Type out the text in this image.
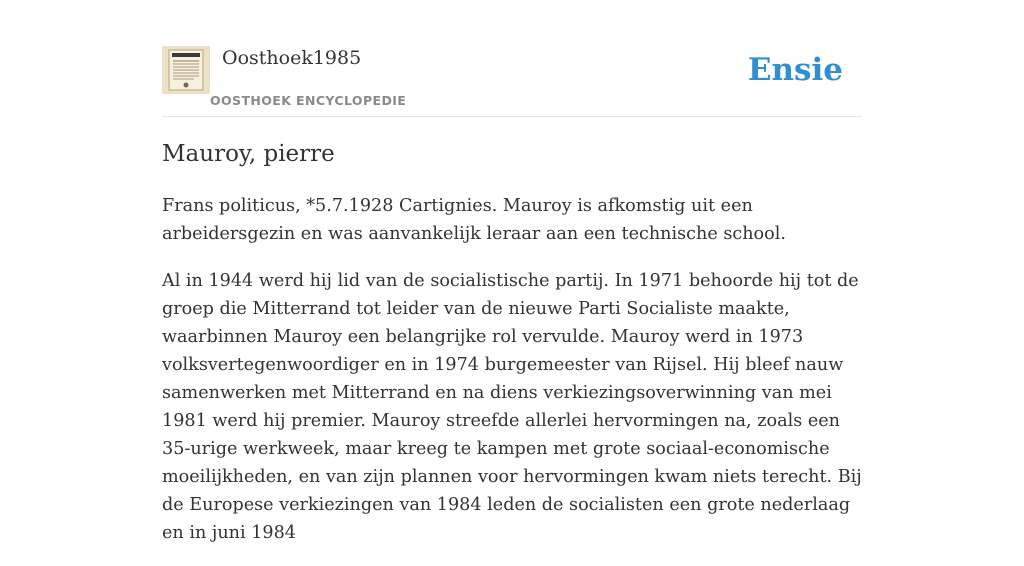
Oosthoek1985
OOSTHOEK ENCYCLOPEDIE
Ensie
Mauroy, pierre

Frans politicus, *5.7.1928 Cartignies. Mauroy is afkomstig uit een arbeidersgezin en was aanvankelijk leraar aan een technische school.

Al in 1944 werd hij lid van de socialistische partij. In 1971 behoorde hij tot de groep die Mitterrand tot leider van de nieuwe Parti Socialiste maakte, waarbinnen Mauroy een belangrijke rol vervulde. Mauroy werd in 1973 volksvertegenwoordiger en in 1974 burgemeester van Rijsel. Hij bleef nauw samenwerken met Mitterrand en na diens verkiezingsoverwinning van mei 1981 werd hij premier. Mauroy streefde allerlei hervormingen na, zoals een 35-urige werkweek, maar kreeg te kampen met grote sociaal-economische moeilijkheden, en van zijn plannen voor hervormingen kwam niets terecht. Bij de Europese verkiezingen van 1984 leden de socialisten een grote nederlaag en in juni 1984
